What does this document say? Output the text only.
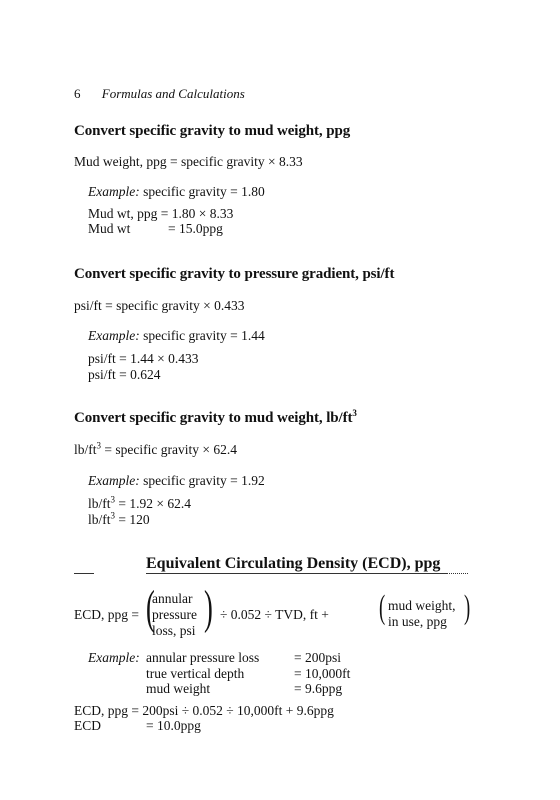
6 Formulas and Calculations
Convert specific gravity to mud weight, ppg
Mud weight, ppg = specific gravity × 8.33
Example: specific gravity = 1.80
Mud wt, ppg = 1.80 × 8.33
Mud wt	= 15.0ppg
Convert specific gravity to pressure gradient, psi/ft
psi/ft = specific gravity × 0.433
Example: specific gravity = 1.44
psi/ft = 1.44 × 0.433
psi/ft = 0.624
Convert specific gravity to mud weight, $lb/ft^3$
$lb/ft^3$ = specific gravity × 62.4
Example: specific gravity = 1.92
$lb/ft^3 = 1.92 \times 62.4$
$lb/ft^3 = 120$
Equivalent Circulating Density (ECD), ppg
ECD, ppg = (
annular
pressure
loss, psi ) ÷ 0.052 ÷ TVD, ft + ( mud weight,
in use, ppg )
Example: annular pressure loss
true vertical depth
mud weight
= 200psi
= 10,000ft
= 9.6ppg
ECD, ppg = 200psi ÷ 0.052 ÷ 10,000ft + 9.6ppg
ECD	= 10.0ppg
